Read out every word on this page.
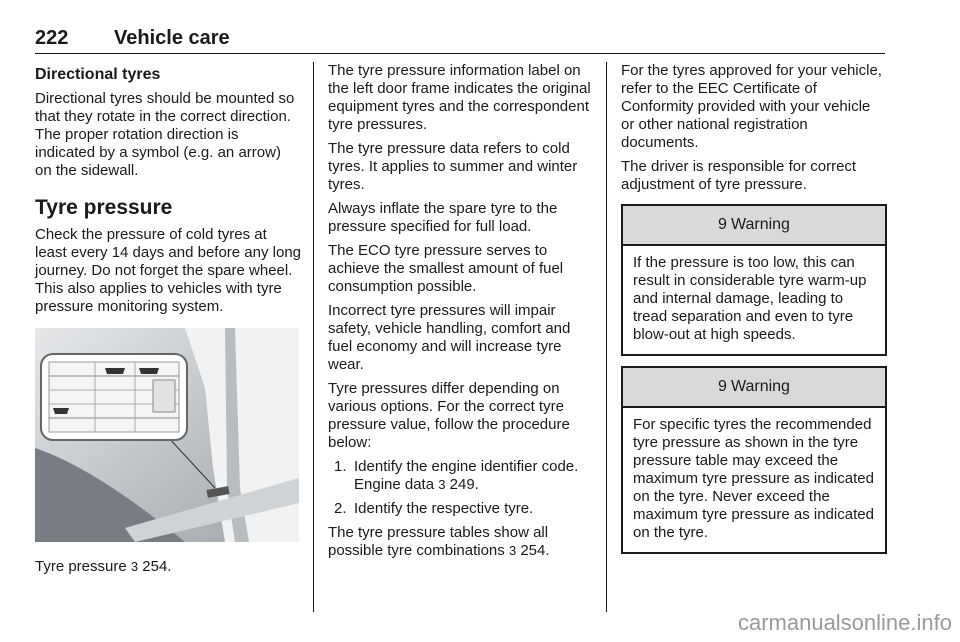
222 Vehicle care
Directional tyres

Directional tyres should be mounted so that they rotate in the correct direction. The proper rotation direction is indicated by a symbol (e.g. an arrow) on the sidewall.

Tyre pressure

Check the pressure of cold tyres at least every 14 days and before any long journey. Do not forget the spare wheel. This also applies to vehicles with tyre pressure monitoring system.

Tyre pressure 3 254.

The tyre pressure information label on the left door frame indicates the original equipment tyres and the correspondent tyre pressures.

The tyre pressure data refers to cold tyres. It applies to summer and winter tyres.

Always inflate the spare tyre to the pressure specified for full load.

The ECO tyre pressure serves to achieve the smallest amount of fuel consumption possible.

Incorrect tyre pressures will impair safety, vehicle handling, comfort and fuel economy and will increase tyre wear.

Tyre pressures differ depending on various options. For the correct tyre pressure value, follow the procedure below:

1. Identify the engine identifier code. Engine data 3 249.
2. Identify the respective tyre.

The tyre pressure tables show all possible tyre combinations 3 254.

For the tyres approved for your vehicle, refer to the EEC Certificate of Conformity provided with your vehicle or other national registration documents.

The driver is responsible for correct adjustment of tyre pressure.

9 Warning
If the pressure is too low, this can result in considerable tyre warm-up and internal damage, leading to tread separation and even to tyre blow-out at high speeds.
9 Warning
For specific tyres the recommended tyre pressure as shown in the tyre pressure table may exceed the maximum tyre pressure as indicated on the tyre. Never exceed the maximum tyre pressure as indicated on the tyre.
carmanualsonline.info
